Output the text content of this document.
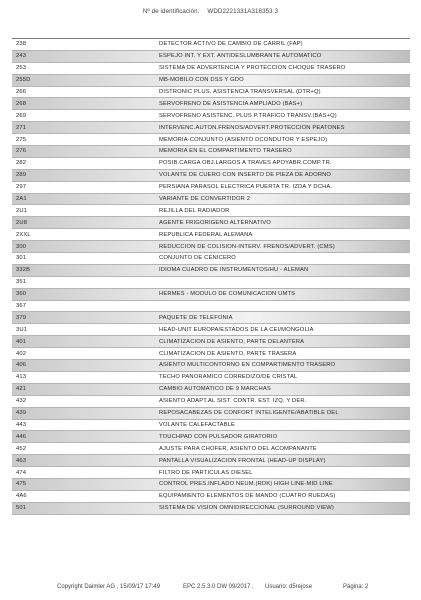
Nº de identificación: WDD2221331A318353 3
238	DETECTOR ACTIVO DE CAMBIO DE CARRIL (FAP)
243	ESPEJO INT. Y EXT. ANTIDESLUMBRANTE AUTOMATICO
253	SISTEMA DE ADVERTENCIA Y PROTECCION CHOQUE TRASERO
255D	MB-MOBILO CON DSS Y GDO
266	DISTRONIC PLUS, ASISTENCIA TRANSVERSAL (DTR+Q)
268	SERVOFRENO DE ASISTENCIA AMPLIADO (BAS+)
269	SERVOFRENO ASISTENC. PLUS P.TRAFICO TRANSV.(BAS+Q)
271	INTERVENC.AUTON.FRENOS/ADVERT.PROTECCION PEATONES
275	MEMORIA-CONJUNTO (ASIENTO DCONDUTOR Y ESPEJO)
276	MEMORIA EN EL COMPARTIMENTO TRASERO
282	POSIB.CARGA OBJ.LARGOS A TRAVES APOYABR.COMP.TR.
289	VOLANTE DE CUERO CON INSERTO DE PIEZA DE ADORNO
297	PERSIANA PARASOL ELECTRICA PUERTA TR. IZDA Y DCHA.
2A1	VARIANTE DE CONVERTIDOR 2
2U1	REJILLA DEL RADIADOR
2U8	AGENTE FRIGORIGENO ALTERNATIVO
2XXL	REPUBLICA FEDERAL ALEMANA
300	REDUCCION DE COLISION-INTERV. FRENOS/ADVERT. (CMS)
301	CONJUNTO DE CENICERO
332B	IDIOMA CUADRO DE INSTRUMENTOS/HU - ALEMAN
351
360	HERMES - MODULO DE COMUNICACION UMTS
367
379	PAQUETE DE TELEFONIA
3U1	HEAD-UNIT EUROPA/ESTADOS DE LA CEI/MONGOLIA
401	CLIMATIZACION DE ASIENTO, PARTE DELANTERA
402	CLIMATIZACION DE ASIENTO, PARTE TRASERA
406	ASIENTO MULTICONTORNO EN COMPARTIMENTO TRASERO
413	TECHO PANORAMICO CORREDIZO/DE CRISTAL
421	CAMBIO AUTOMATICO DE 9 MARCHAS
432	ASIENTO ADAPT.AL SIST. CONTR. EST. IZQ. Y DER.
439	REPOSACABEZAS DE CONFORT INTELIGENTE/ABATIBLE DEL
443	VOLANTE CALEFACTABLE
446	TOUCHPAD CON PULSADOR GIRATORIO
452	AJUSTE PARA CHOFER, ASIENTO DEL ACOMPANANTE
463	PANTALLA VISUALIZACION FRONTAL (HEAD-UP DISPLAY)
474	FILTRO DE PARTICULAS DIESEL
475	CONTROL PRES.INFLADO NEUM.(RDK) HIGH LINE-MID LINE
4A6	EQUIPAMIENTO ELEMENTOS DE MANDO (CUATRO RUEDAS)
501	SISTEMA DE VISION OMNIDIRECCIONAL (SURROUND VIEW)
Copyright Daimler AG , 15/09/17 17:49	EPC 2.5.3.0 DW 09/2017 , Usuario: d5rejose	Página: 2
